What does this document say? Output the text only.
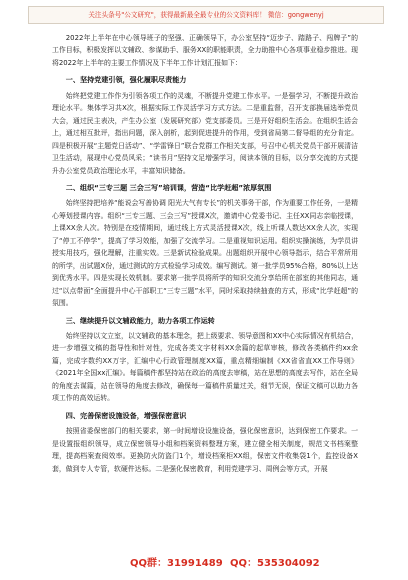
关注头条号"公文研究"，获得最新最全最专业的公文资料库！ 微信：gongwenyj

2022年上半年在中心领导班子的坚强、正确领导下，办公室坚持“迈步子、踏路子、闯牌子”的工作目标，积极发挥以文辅政、参谋助手、服务XX的职能职责，全力助推中心各项事业稳步推进。现将2022年上半年的主要工作情况及下半年工作计划汇报如下：

一、坚持党建引领，强化履职尽责能力

始终把党建工作作为引领各项工作的灵魂，不断提升党建工作水平。一是强学习，不断提升政治理论水平。集体学习共X次，根据实际工作灵活学习方式方法。二是重监督，召开支部换届选举党员大会，通过民主表决，产生办公室（发展研究部）党支部委员。三是开好组织生活会。在组织生活会上，通过相互批评，指出问题，深入剖析，起到促进提升的作用，受到省局第二督导组的充分肯定。四是积极开展“主题党日活动”、“学雷锋日”联合党群工作相关支部，号召中心机关党员干部开展清洁卫生活动，展现中心党员风采；“读书月”坚持文足增强学习，阅读本领的目标，以分享交流的方式提升办公室党员政治理论水平，丰富知识储备。

二、组织“三专三题 三会三写”培训课，营造“比学赶超”浓厚氛围

始终坚持把培养“能说会写善协调 阳光大气有专长”的机关事务干部，作为重要工作任务，一是精心筹划授课内容。组织“三专三题、三会三写”授课X次，邀请中心党委书记、主任XX同志亲临授课，上课XX余人次。特别是在疫情期间，通过线上方式灵活授课X次，线上听课人数达XX余人次，实现了“停工不停学”，提高了学习效能，加强了交流学习。二是重视知识运用。组织实操演练，为学员讲授实用技巧，强化理解，注重实效。三是新试检验成果。出题组织开展中心领导指示，结合平常所用的所学，出试题X份，通过测试的方式检验学习成效。编写测试。第一批学员95%合格，80%以上达到优秀水平。四是实现长效机制。要求第一批学员将所学的知识交流分享给所在部室的其他同志，通过“以点带面”全面提升中心干部职工“三专三题”水平，同时采取持续抽查的方式，形成“比学赶超”的氛围。

三、继续提升以文辅政能力，助力各项工作运转

始终坚持以文立室，以文辅政的基本理念，把上级要求、领导意图和XX中心实际情况有机结合，进一步增强文稿的指导性和针对性，完成各类文字材料XX余篇的起草审核，修改各类稿件约xx余篇，完成字数约XX万字，汇编中心行政管理制度XX篇，重点精细编制《XX省省直XX工作导则》《2021年全国xx汇编》。每篇稿件都坚持站在政治的高度去审稿，站在思想的高度去写作，站在全局的角度去谋篇，站在领导的角度去修改，确保每一篇稿件质量过关，细节无误，保证文稿可以助力各项工作的高效运转。

四、完善保密设施设备，增强保密意识

按照省委保密部门的相关要求，第一时间增设设施设备，强化保密意识，达到保密工作要求。一是设置报组织领导，成立保密领导小组和档案资料整理方案，建立健全相关制度，规范文书档案整理，提高档案查阅效率。更换防火防盗门1个，增设档案柜XX组，保密文件收集袋1个，监控设备X套，做到专人专管，软硬件达标。二是强化保密教育，利用党建学习、周例会等方式，开展

QQ群：31991489 QQ：535304092
